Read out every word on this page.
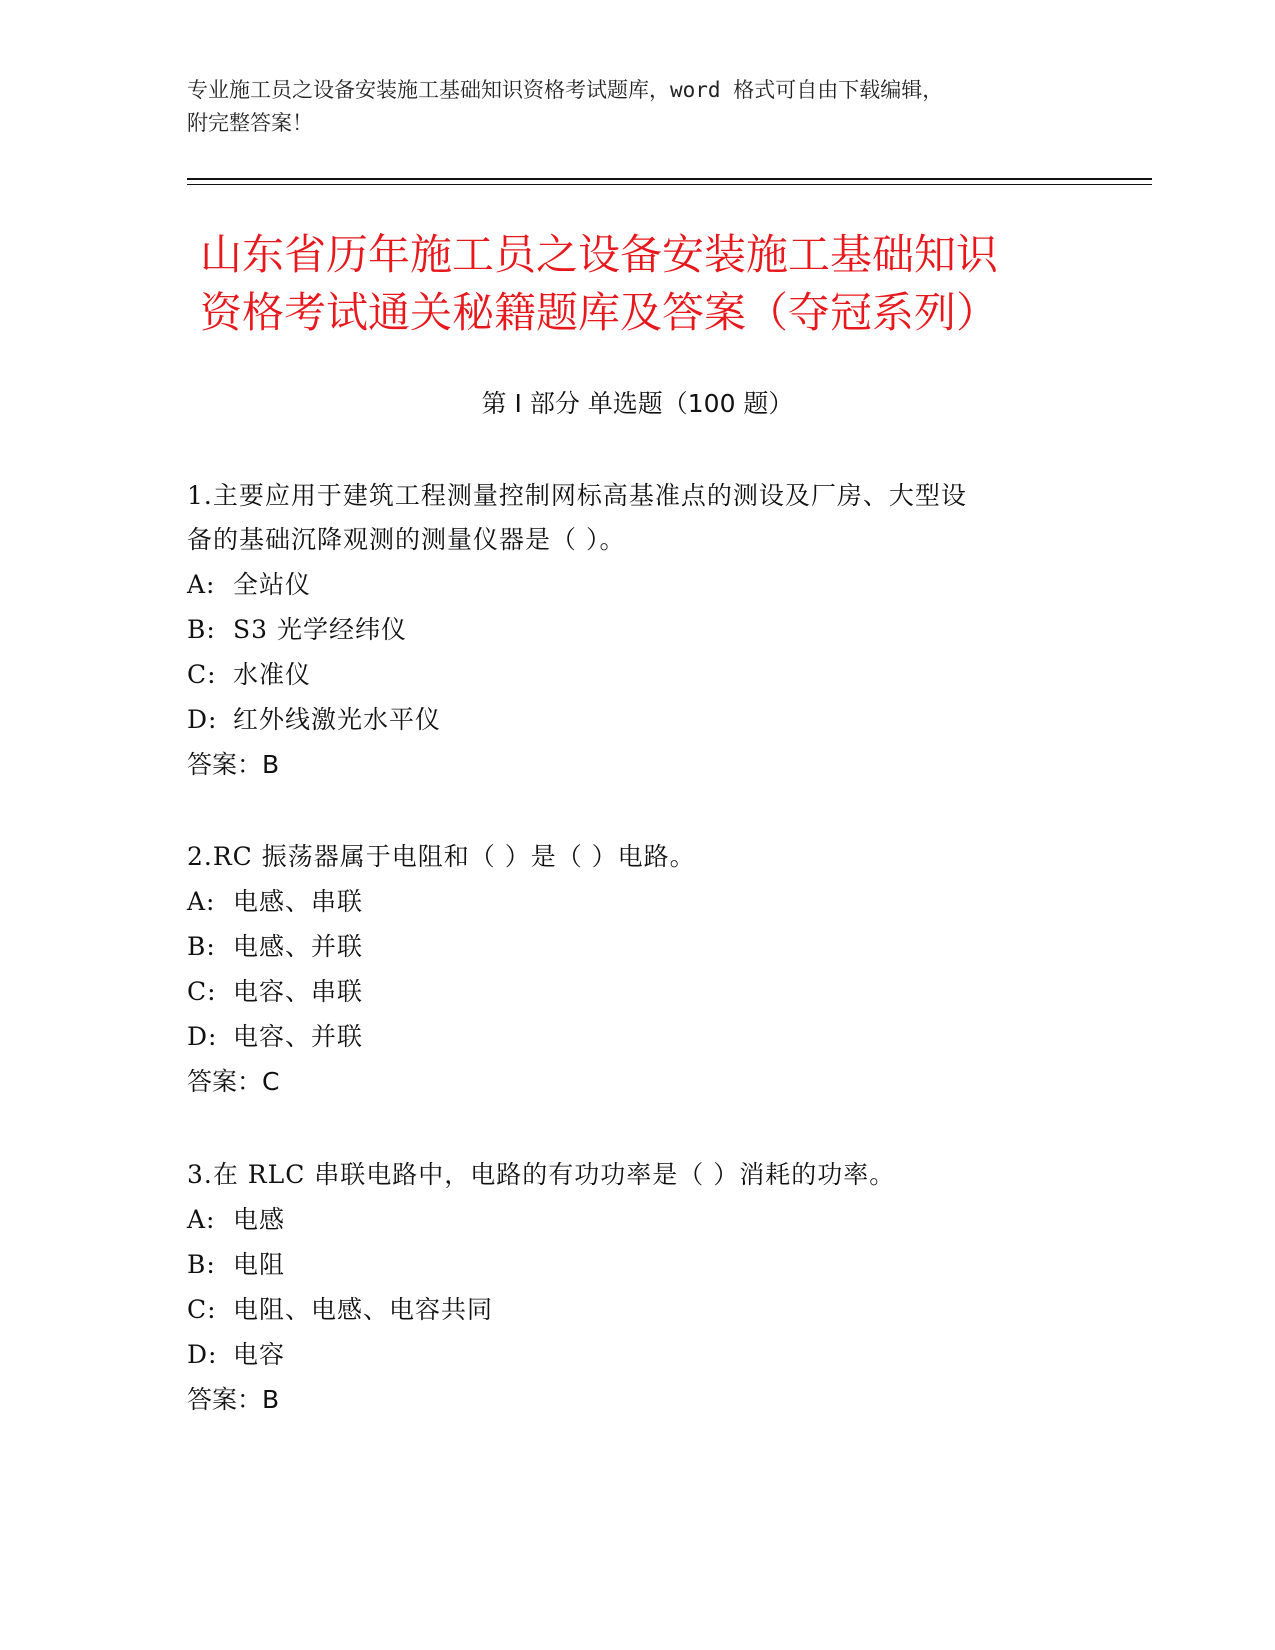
专业施工员之设备安装施工基础知识资格考试题库，word 格式可自由下载编辑，
附完整答案！
山东省历年施工员之设备安装施工基础知识
资格考试通关秘籍题库及答案（夺冠系列）
第 I 部分 单选题（100 题）
1.主要应用于建筑工程测量控制网标高基准点的测设及厂房、大型设
备的基础沉降观测的测量仪器是（ ）。
A: 全站仪
B: S3 光学经纬仪
C: 水准仪
D: 红外线激光水平仪
答案：B
2.RC 振荡器属于电阻和（ ）是（ ）电路。
A: 电感、串联
B: 电感、并联
C: 电容、串联
D: 电容、并联
答案：C
3.在 RLC 串联电路中，电路的有功功率是（ ）消耗的功率。
A: 电感
B: 电阻
C: 电阻、电感、电容共同
D: 电容
答案：B
